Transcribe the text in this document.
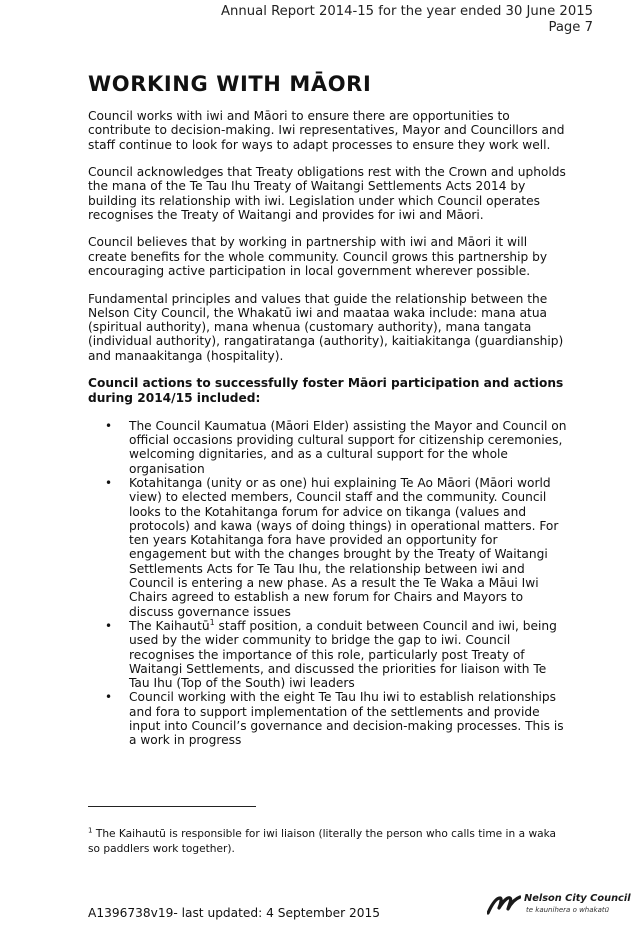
Annual Report 2014-15 for the year ended 30 June 2015
Page 7
WORKING WITH MĀORI

Council works with iwi and Māori to ensure there are opportunities to contribute to decision-making. Iwi representatives, Mayor and Councillors and staff continue to look for ways to adapt processes to ensure they work well.

Council acknowledges that Treaty obligations rest with the Crown and upholds the mana of the Te Tau Ihu Treaty of Waitangi Settlements Acts 2014 by building its relationship with iwi. Legislation under which Council operates recognises the Treaty of Waitangi and provides for iwi and Māori.

Council believes that by working in partnership with iwi and Māori it will create benefits for the whole community. Council grows this partnership by encouraging active participation in local government wherever possible.

Fundamental principles and values that guide the relationship between the Nelson City Council, the Whakatū iwi and maataa waka include: mana atua (spiritual authority), mana whenua (customary authority), mana tangata (individual authority), rangatiratanga (authority), kaitiakitanga (guardianship) and manaakitanga (hospitality).

Council actions to successfully foster Māori participation and actions during 2014/15 included:

• The Council Kaumatua (Māori Elder) assisting the Mayor and Council on official occasions providing cultural support for citizenship ceremonies, welcoming dignitaries, and as a cultural support for the whole organisation
• Kotahitanga (unity or as one) hui explaining Te Ao Māori (Māori world view) to elected members, Council staff and the community. Council looks to the Kotahitanga forum for advice on tikanga (values and protocols) and kawa (ways of doing things) in operational matters. For ten years Kotahitanga fora have provided an opportunity for engagement but with the changes brought by the Treaty of Waitangi Settlements Acts for Te Tau Ihu, the relationship between iwi and Council is entering a new phase. As a result the Te Waka a Māui Iwi Chairs agreed to establish a new forum for Chairs and Mayors to discuss governance issues
• The Kaihautū$^1$ staff position, a conduit between Council and iwi, being used by the wider community to bridge the gap to iwi. Council recognises the importance of this role, particularly post Treaty of Waitangi Settlements, and discussed the priorities for liaison with Te Tau Ihu (Top of the South) iwi leaders
• Council working with the eight Te Tau Ihu iwi to establish relationships and fora to support implementation of the settlements and provide input into Council’s governance and decision-making processes. This is a work in progress
$^1$ The Kaihautū is responsible for iwi liaison (literally the person who calls time in a waka so paddlers work together).
A1396738v19- last updated: 4 September 2015
Nelson City Council
te kaunihera o whakatū
